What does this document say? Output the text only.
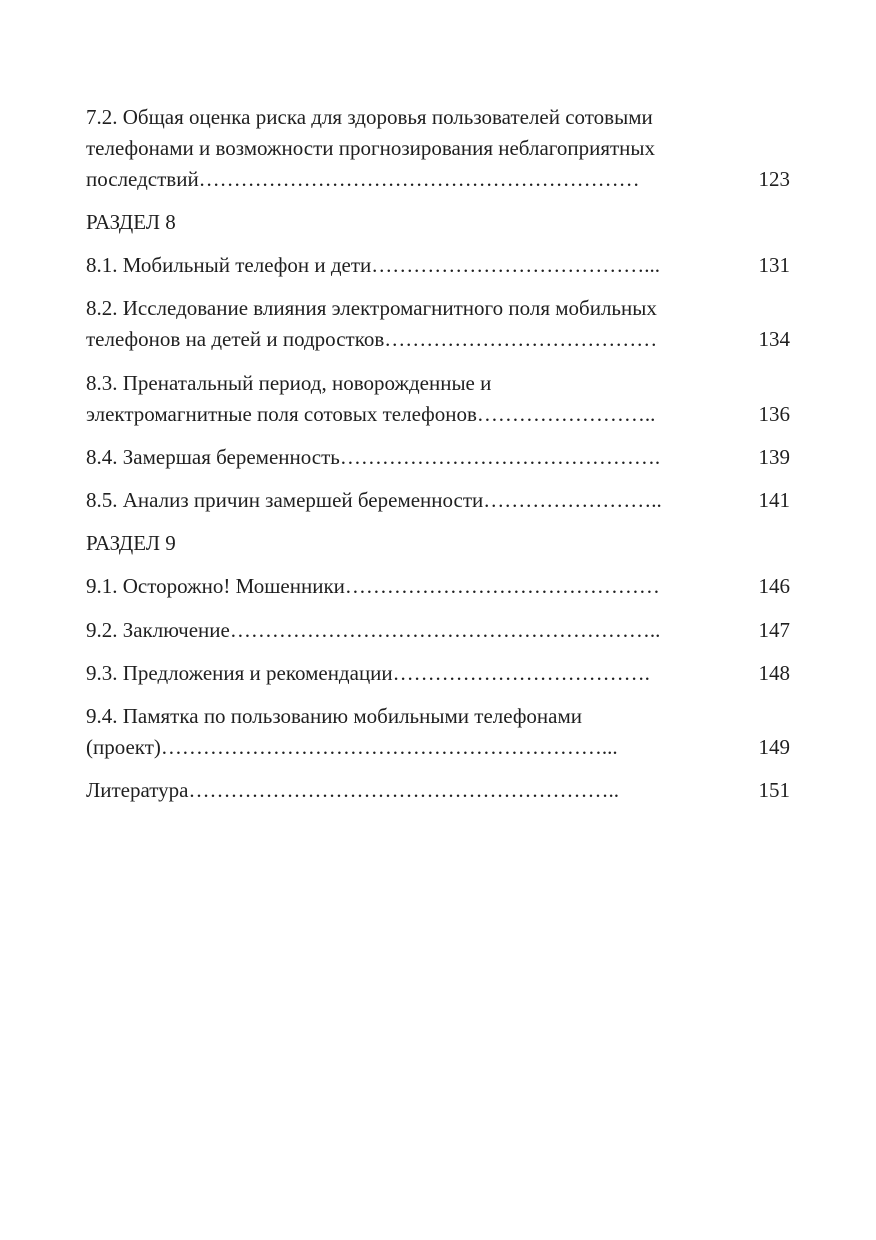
7.2. Общая оценка риска для здоровья пользователей сотовыми
телефонами и возможности прогнозирования неблагоприятных
последствий………………………………………………………	123
РАЗДЕЛ 8
8.1. Мобильный телефон и дети…………………………………...	131
8.2. Исследование влияния электромагнитного поля мобильных
телефонов на детей и подростков…………………………………	134
8.3. Пренатальный период, новорожденные и
электромагнитные поля сотовых телефонов……………………..	136
8.4. Замершая беременность……………………………………….	139
8.5. Анализ причин замершей беременности……………………..	141
РАЗДЕЛ 9
9.1. Осторожно! Мошенники………………………………………	146
9.2. Заключение……………………………………………………..	147
9.3. Предложения и рекомендации……………………………….	148
9.4. Памятка по пользованию мобильными телефонами
(проект)………………………………………………………...	149
Литература……………………………………………………..	151
